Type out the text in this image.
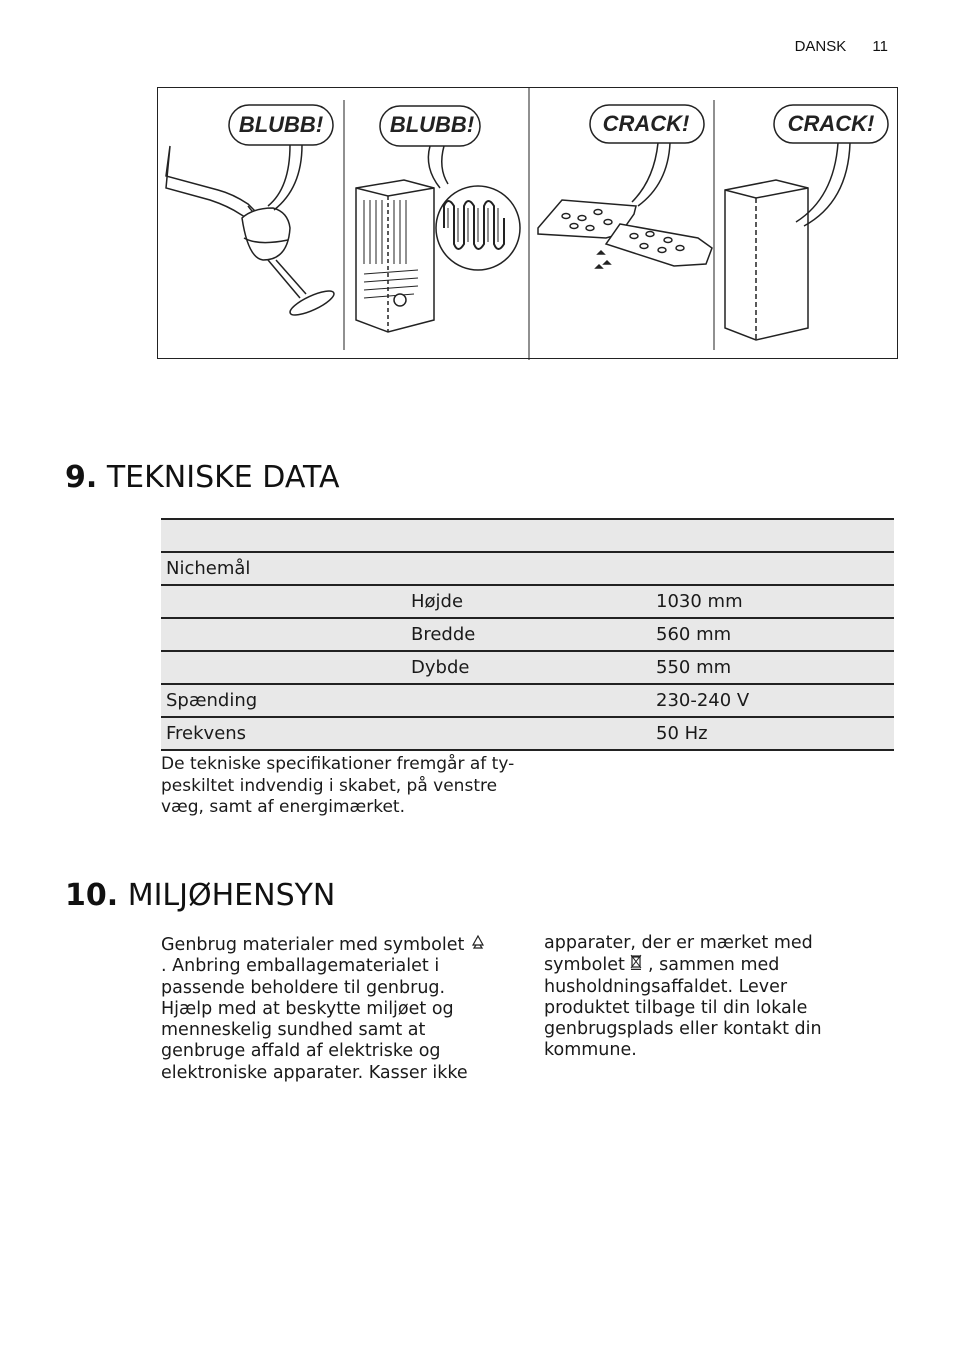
DANSK 11
BLUBB!	BLUBB!	CRACK!	CRACK!
9. TEKNISKE DATA

Nichemål		
	Højde	1030 mm
	Bredde	560 mm
	Dybde	550 mm
Spænding		230-240 V
Frekvens		50 Hz

De tekniske specifikationer fremgår af ty-
peskiltet indvendig i skabet, på venstre
væg, samt af energimærket.

10. MILJØHENSYN

Genbrug materialer med symbolet
. Anbring emballagematerialet i
passende beholdere til genbrug.
Hjælp med at beskytte miljøet og
menneskelig sundhed samt at
genbruge affald af elektriske og
elektroniske apparater. Kasser ikke

apparater, der er mærket med
symbolet , sammen med
husholdningsaffaldet. Lever
produktet tilbage til din lokale
genbrugsplads eller kontakt din
kommune.
